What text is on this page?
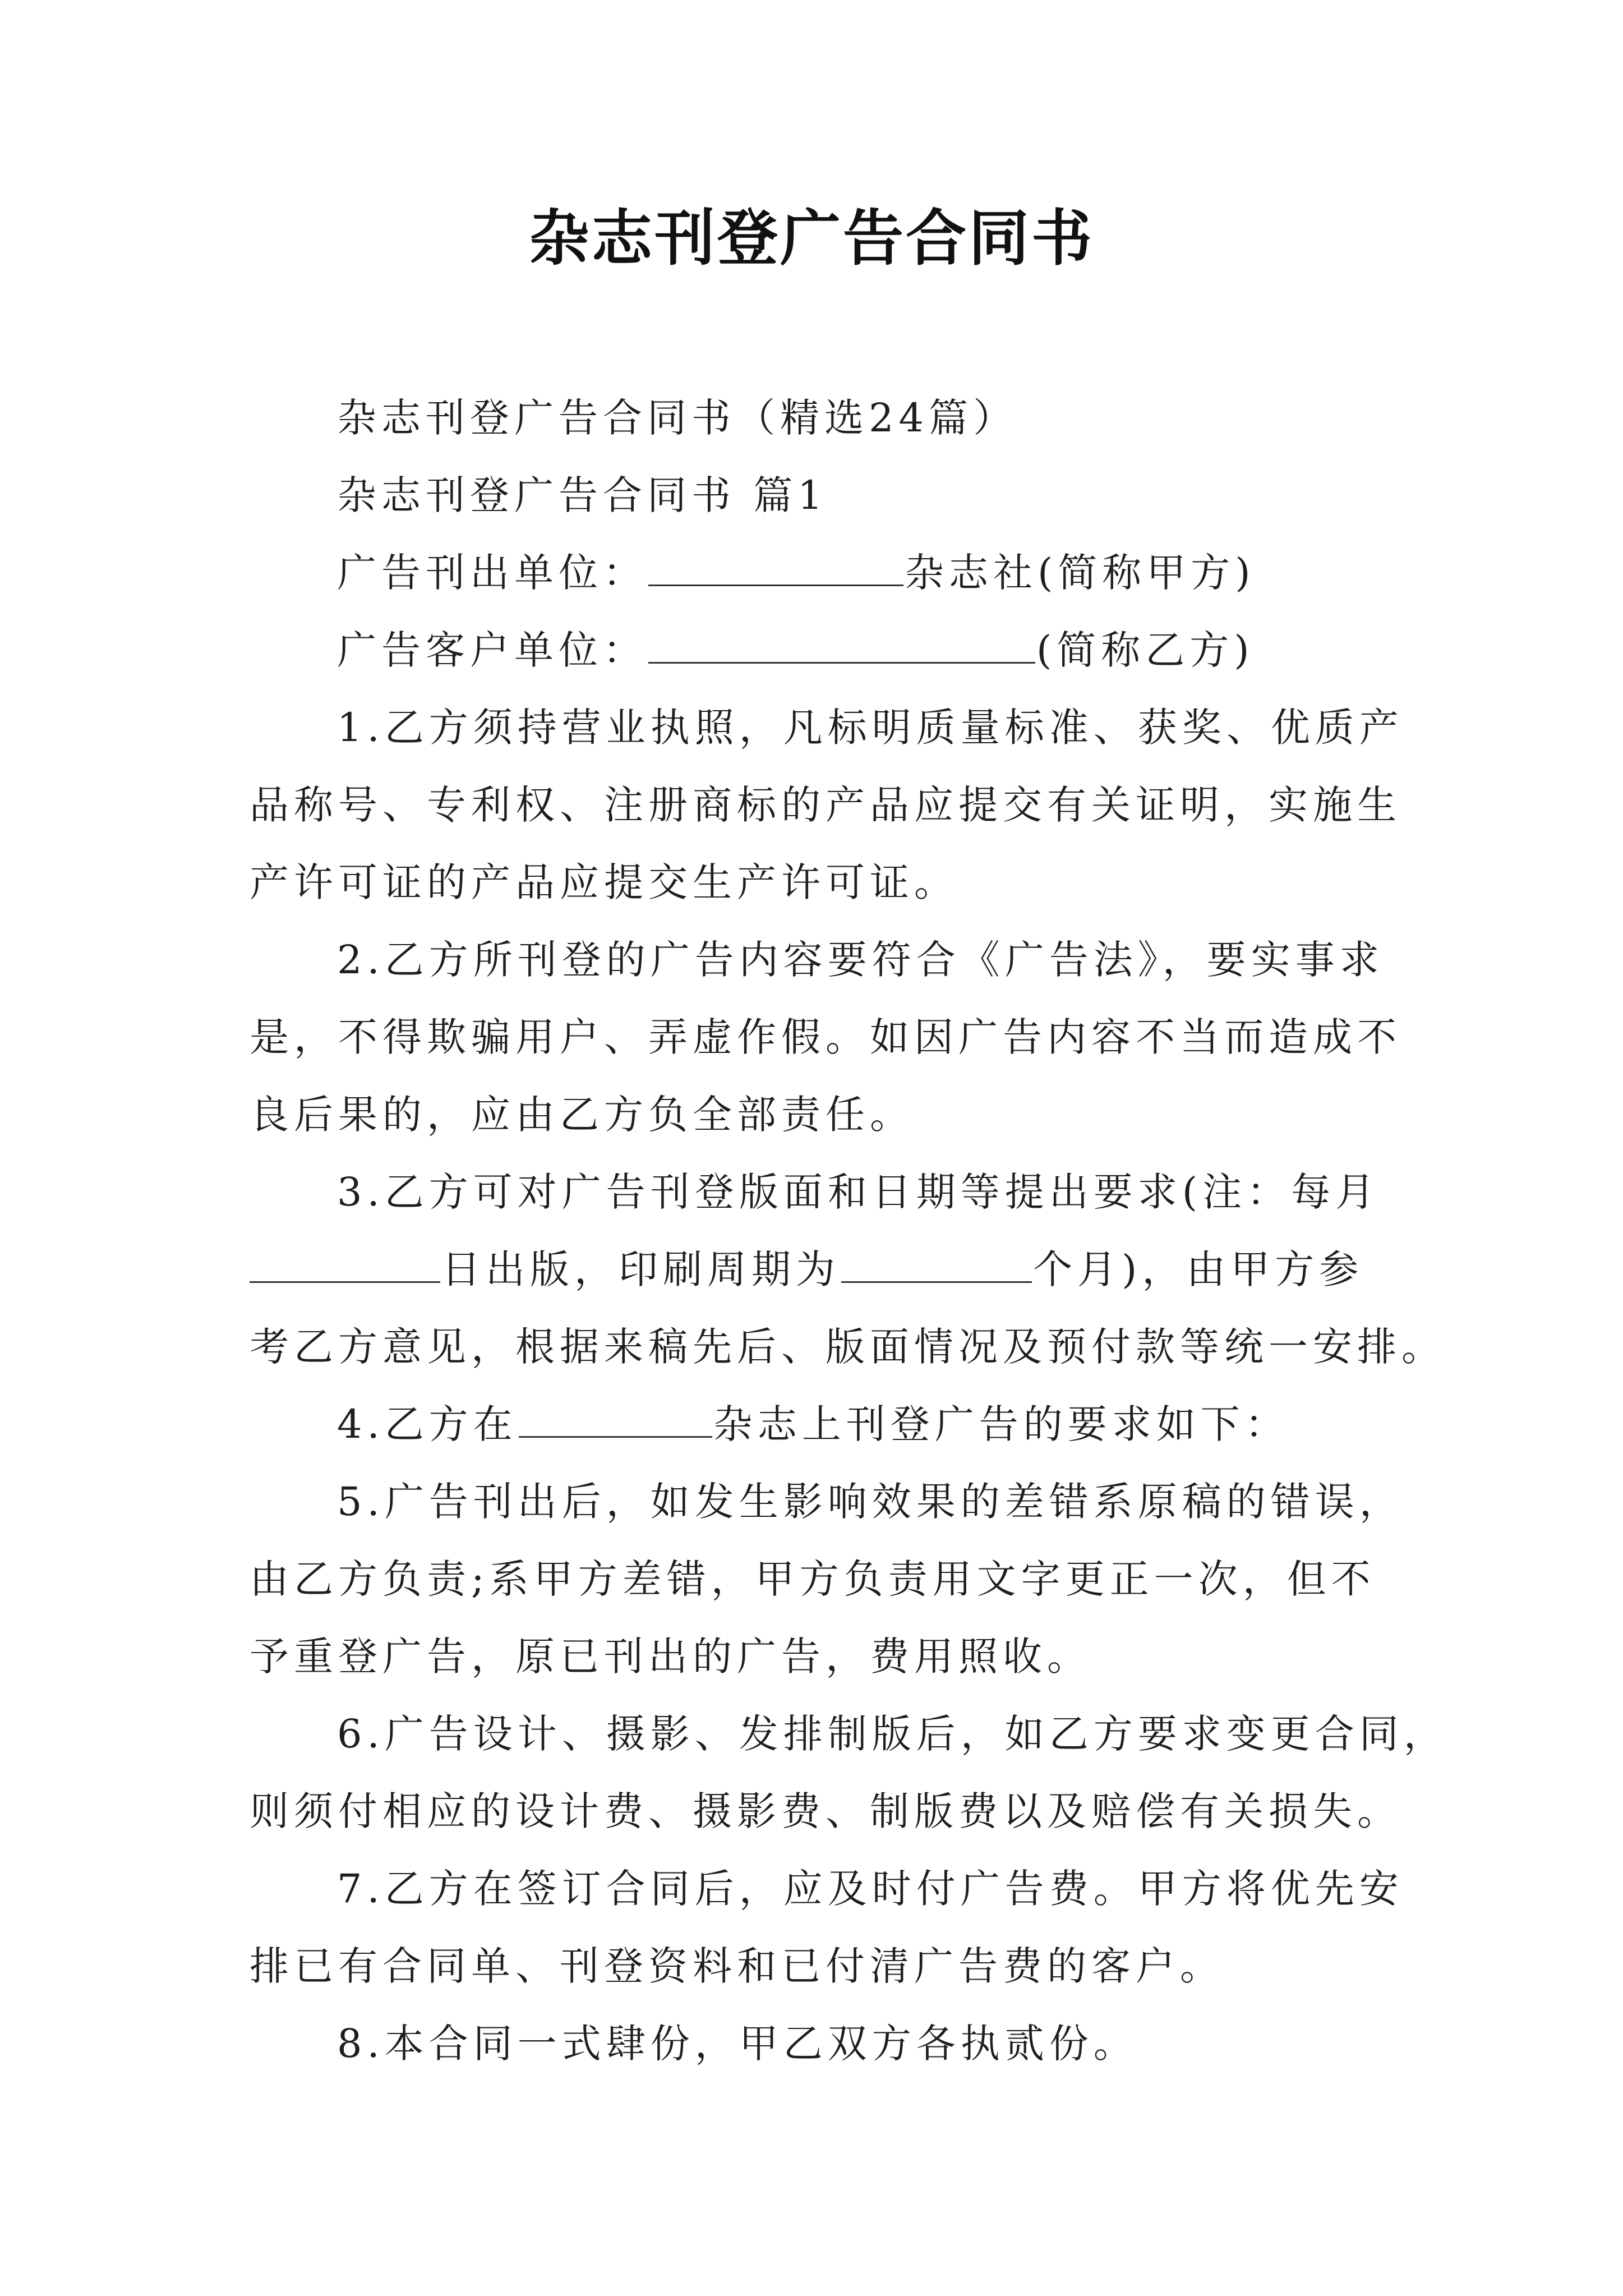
杂志刊登广告合同书
杂志刊登广告合同书（精选24篇）
杂志刊登广告合同书 篇1
广告刊出单位：	杂志社(简称甲方)
广告客户单位：	(简称乙方)
1.乙方须持营业执照，凡标明质量标准、获奖、优质产
品称号、专利权、注册商标的产品应提交有关证明，实施生
产许可证的产品应提交生产许可证。
2.乙方所刊登的广告内容要符合《广告法》，要实事求
是，不得欺骗用户、弄虚作假。如因广告内容不当而造成不
良后果的，应由乙方负全部责任。
3.乙方可对广告刊登版面和日期等提出要求(注：每月
日出版，印刷周期为	个月)，由甲方参
考乙方意见，根据来稿先后、版面情况及预付款等统一安排。
4.乙方在	杂志上刊登广告的要求如下：
5.广告刊出后，如发生影响效果的差错系原稿的错误，
由乙方负责;系甲方差错，甲方负责用文字更正一次，但不
予重登广告，原已刊出的广告，费用照收。
6.广告设计、摄影、发排制版后，如乙方要求变更合同，
则须付相应的设计费、摄影费、制版费以及赔偿有关损失。
7.乙方在签订合同后，应及时付广告费。甲方将优先安
排已有合同单、刊登资料和已付清广告费的客户。
8.本合同一式肆份，甲乙双方各执贰份。
